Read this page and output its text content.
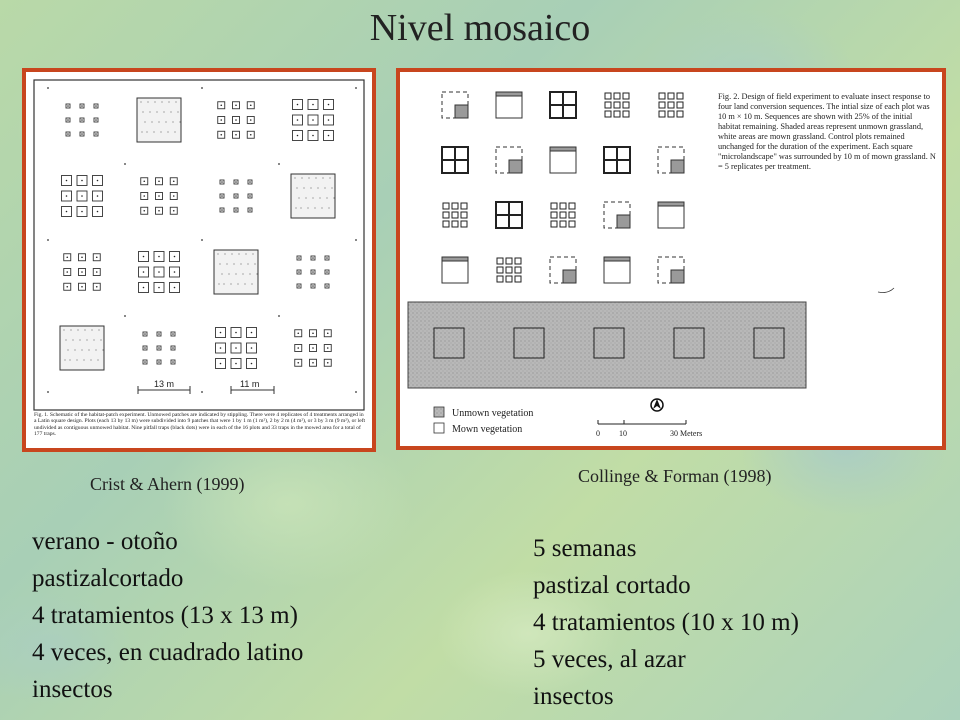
Nivel mosaico
13 m	11 m
Fig. 1. Schematic of the habitat-patch experiment. Unmowed patches are indicated by stippling. There were 4 replicates of 4 treatments arranged in a Latin square design. Plots (each 13 by 13 m) were subdivided into 9 patches that were 1 by 1 m (1 m²), 2 by 2 m (4 m²), or 3 by 3 m (9 m²), or left undivided as contiguous unmowed habitat. Nine pitfall traps (black dots) were in each of the 16 plots and 33 traps in the mowed area for a total of 177 traps.
Unmown vegetation
Mown vegetation	0 10	30 Meters
Fig. 2. Design of field experiment to evaluate insect response to four land conversion sequences. The intial size of each plot was 10 m × 10 m. Sequences are shown with 25% of the initial habitat remaining. Shaded areas represent unmown grassland, white areas are mown grassland. Control plots remained unchanged for the duration of the experiment. Each square "microlandscape" was surrounded by 10 m of mown grassland. N = 5 replicates per treatment.
Crist & Ahern (1999)	Collinge & Forman (1998)
verano - otoño
pastizalcortado
4 tratamientos (13 x 13 m)
4 veces, en cuadrado latino
insectos
5 semanas
pastizal cortado
4 tratamientos (10 x 10 m)
5 veces, al azar
insectos
